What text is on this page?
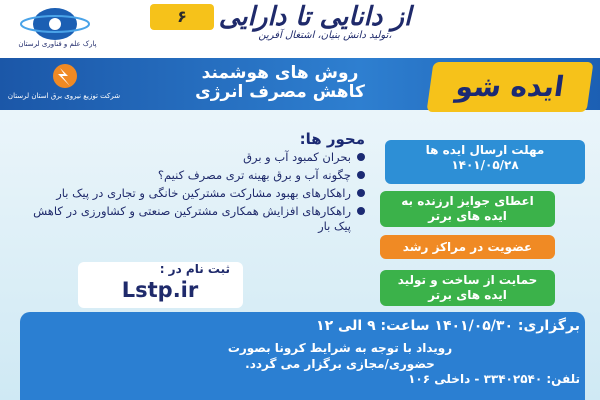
پارک علم و فناوری لرستان
از دانایی تا دارایی
،تولید دانش بنیان، اشتغال آفرین
۶
شرکت توزیع نیروی برق استان لرستان
روش های هوشمند
کاهش مصرف انرژی	ایده شو
محور ها:
بحران کمبود آب و برق
چگونه آب و برق بهینه تری مصرف کنیم؟
راهکارهای بهبود مشارکت مشترکین خانگی و تجاری در پیک بار
راهکارهای افزایش همکاری مشترکین صنعتی و کشاورزی در کاهش پیک بار
ثبت نام در :
Lstp.ir
مهلت ارسال ایده ها
۱۴۰۱/۰۵/۲۸
اعطای جوایز ارزنده به
ایده های برتر
عضویت در مراکز رشد
حمایت از ساخت و تولید
ایده های برتر
برگزاری: ۱۴۰۱/۰۵/۳۰ ساعت: ۹ الی ۱۲
رویداد با توجه به شرایط کرونا بصورت
حضوری/مجازی برگزار می گردد.
تلفن: ۳۳۴۰۲۵۴۰ - داخلی ۱۰۶
